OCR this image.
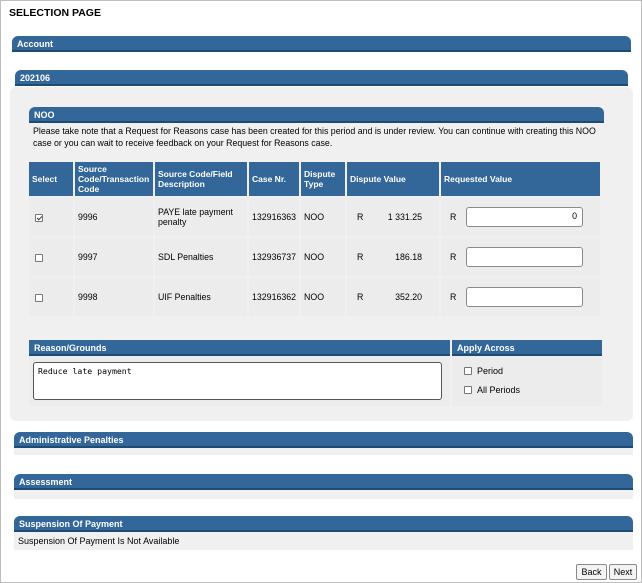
SELECTION PAGE
Account
202106
NOO
Please take note that a Request for Reasons case has been created for this period and is under review. You can continue with creating this NOO case or you can wait to receive feedback on your Request for Reasons case.
Select	Source Code/Transaction Code	Source Code/Field Description	Case Nr.	Dispute Type	Dispute Value	Requested Value
	9996	PAYE late payment penalty	132916363	NOO	R 1 331.25	R 0

	9997	SDL Penalties	132936737	NOO	R 186.18	R

	9998	UIF Penalties	132916362	NOO	R 352.20	R
Reason/Grounds
Reduce late payment
Apply Across
Period
All Periods
Administrative Penalties
Assessment
Suspension Of Payment
Suspension Of Payment Is Not Available
Back	Next
